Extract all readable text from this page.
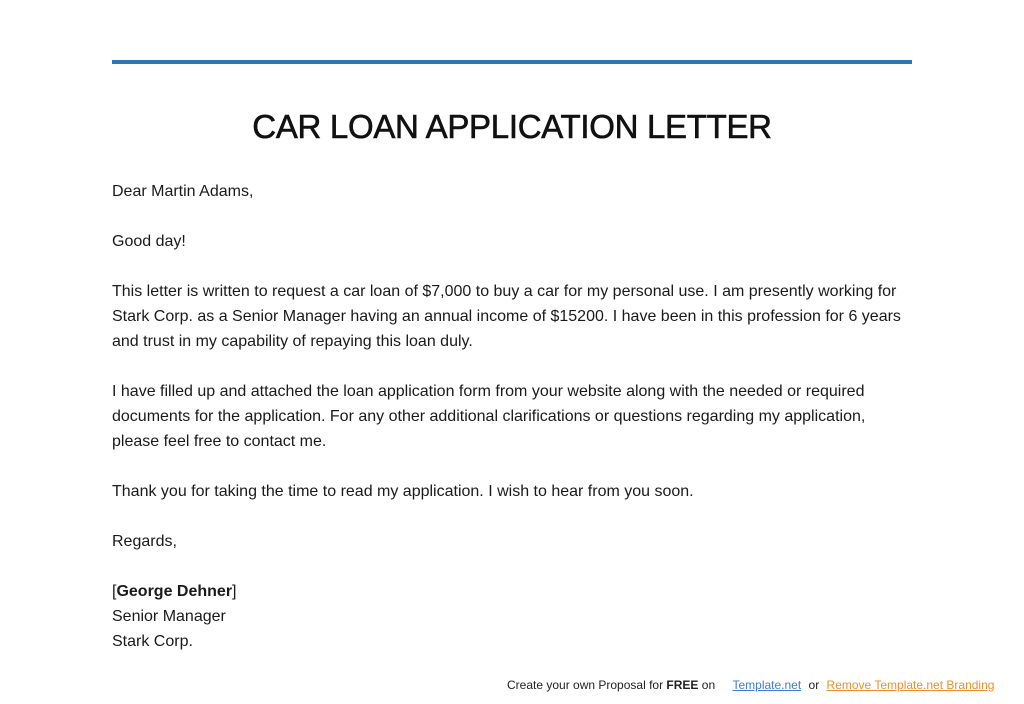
CAR LOAN APPLICATION LETTER

Dear Martin Adams,

Good day!

This letter is written to request a car loan of $7,000 to buy a car for my personal use. I am presently working for Stark Corp. as a Senior Manager having an annual income of $15200. I have been in this profession for 6 years and trust in my capability of repaying this loan duly.

I have filled up and attached the loan application form from your website along with the needed or required documents for the application. For any other additional clarifications or questions regarding my application, please feel free to contact me.

Thank you for taking the time to read my application. I wish to hear from you soon.

Regards,

[George Dehner]

Senior Manager

Stark Corp.

Create your own Proposal for FREE on Template.net or Remove Template.net Branding
